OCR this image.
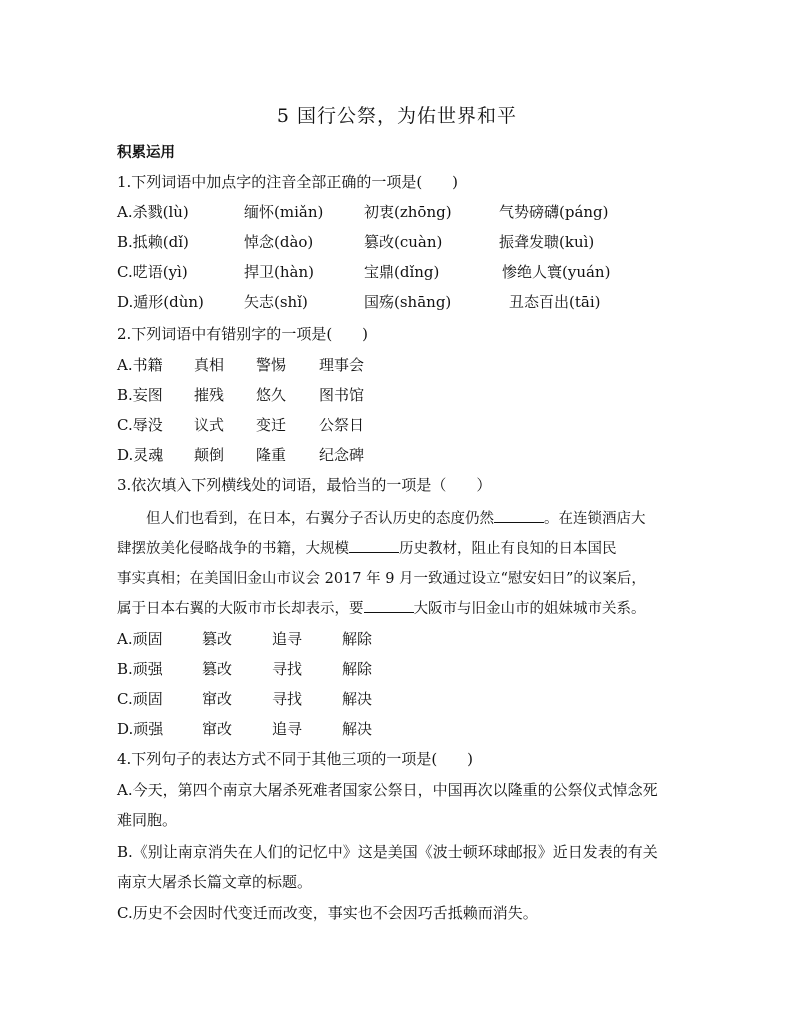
5 国行公祭，为佑世界和平
积累运用
1.下列词语中加点字的注音全部正确的一项是(　　)
A.杀戮(lù)	缅怀(miǎn)	初衷(zhōng)	气势磅礴(páng)
B.抵赖(dǐ)	悼念(dào)	篡改(cuàn)	振聋发聩(kuì)
C.呓语(yì)	捍卫(hàn)	宝鼎(dǐng)	惨绝人寰(yuán)
D.遁形(dùn)	矢志(shǐ)	国殇(shāng)	丑态百出(tāi)
2.下列词语中有错别字的一项是(　　)
A.书籍 真相 警惕 理事会
B.妄图 摧残 悠久 图书馆
C.辱没 议式 变迁 公祭日
D.灵魂 颠倒 隆重 纪念碑
3.依次填入下列横线处的词语，最恰当的一项是（　　）
　　但人们也看到，在日本，右翼分子否认历史的态度仍然	。在连锁酒店大
肆摆放美化侵略战争的书籍，大规模	历史教材，阻止有良知的日本国民
事实真相；在美国旧金山市议会 2017 年 9 月一致通过设立“慰安妇日”的议案后，
属于日本右翼的大阪市市长却表示，要	大阪市与旧金山市的姐妹城市关系。
A.顽固	篡改	追寻	解除
B.顽强	篡改	寻找	解除
C.顽固	窜改	寻找	解决
D.顽强	窜改	追寻	解决
4.下列句子的表达方式不同于其他三项的一项是(　　)
A.今天，第四个南京大屠杀死难者国家公祭日，中国再次以隆重的公祭仪式悼念死
难同胞。
B.《别让南京消失在人们的记忆中》这是美国《波士顿环球邮报》近日发表的有关
南京大屠杀长篇文章的标题。
C.历史不会因时代变迁而改变，事实也不会因巧舌抵赖而消失。
